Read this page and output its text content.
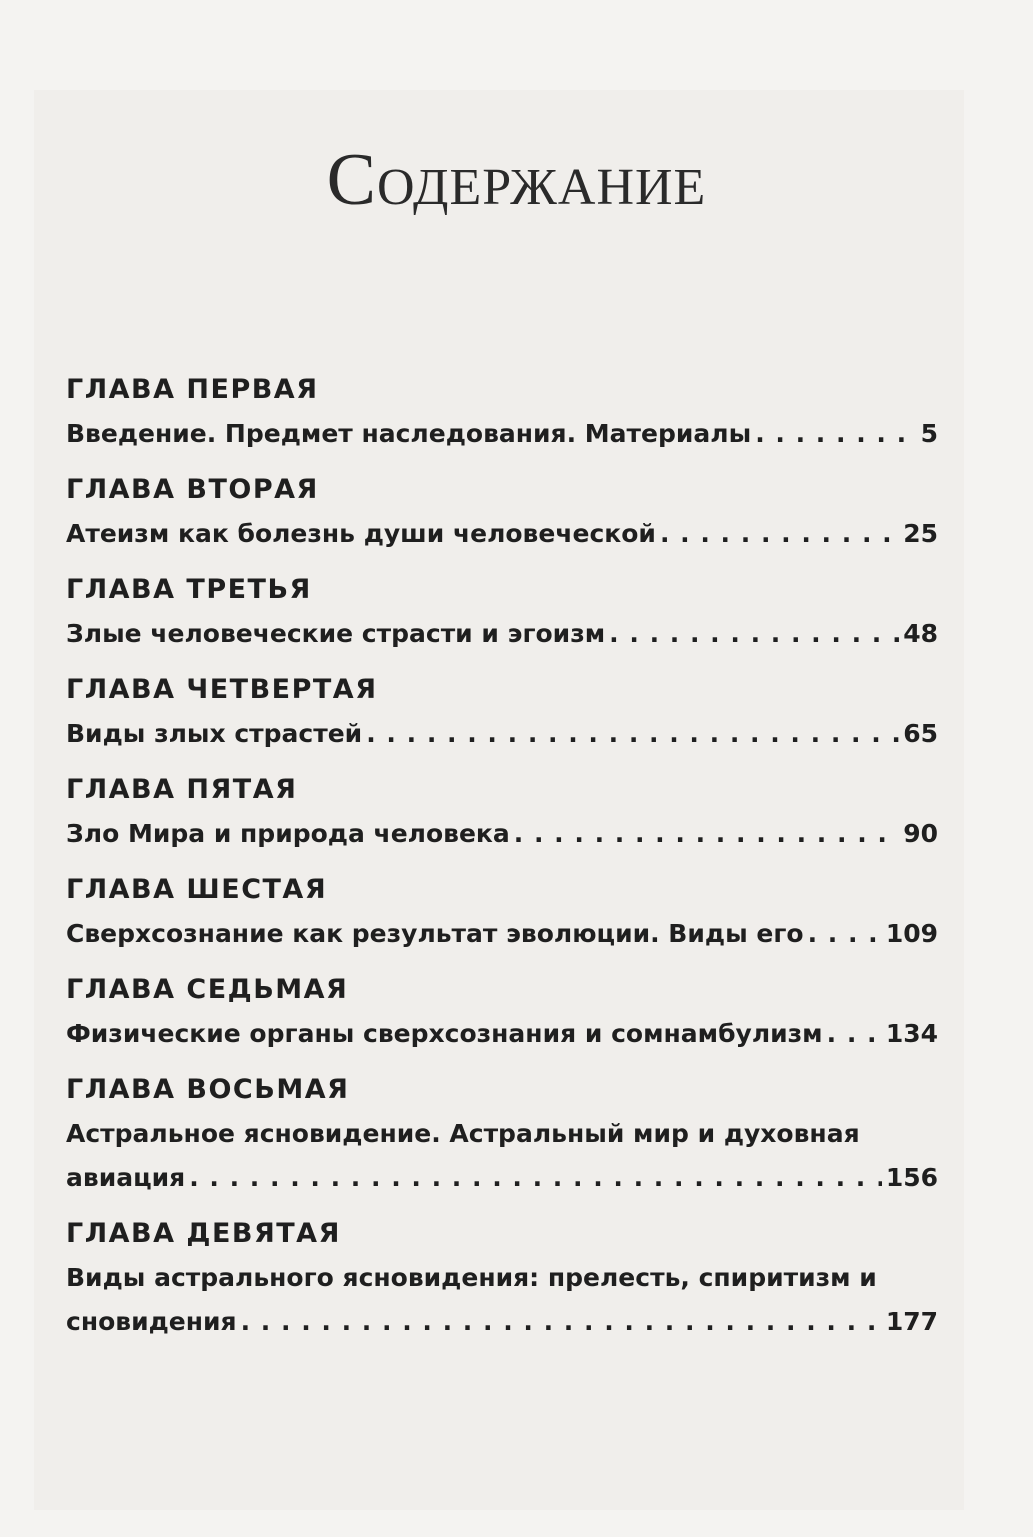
Содержание
ГЛАВА ПЕРВАЯ
Введение. Предмет наследования. Материалы . . .	5
ГЛАВА ВТОРАЯ
Атеизм как болезнь души человеческой . . .	25
ГЛАВА ТРЕТЬЯ
Злые человеческие страсти и эгоизм . . .	48
ГЛАВА ЧЕТВЕРТАЯ
Виды злых страстей . . .	65
ГЛАВА ПЯТАЯ
Зло Мира и природа человека . . .	90
ГЛАВА ШЕСТАЯ
Сверхсознание как результат эволюции. Виды его . . .	109
ГЛАВА СЕДЬМАЯ
Физические органы сверхсознания и сомнамбулизм . . .	134
ГЛАВА ВОСЬМАЯ
Астральное ясновидение. Астральный мир и духовная
авиация . . .	156
ГЛАВА ДЕВЯТАЯ
Виды астрального ясновидения: прелесть, спиритизм и
сновидения . . .	177
